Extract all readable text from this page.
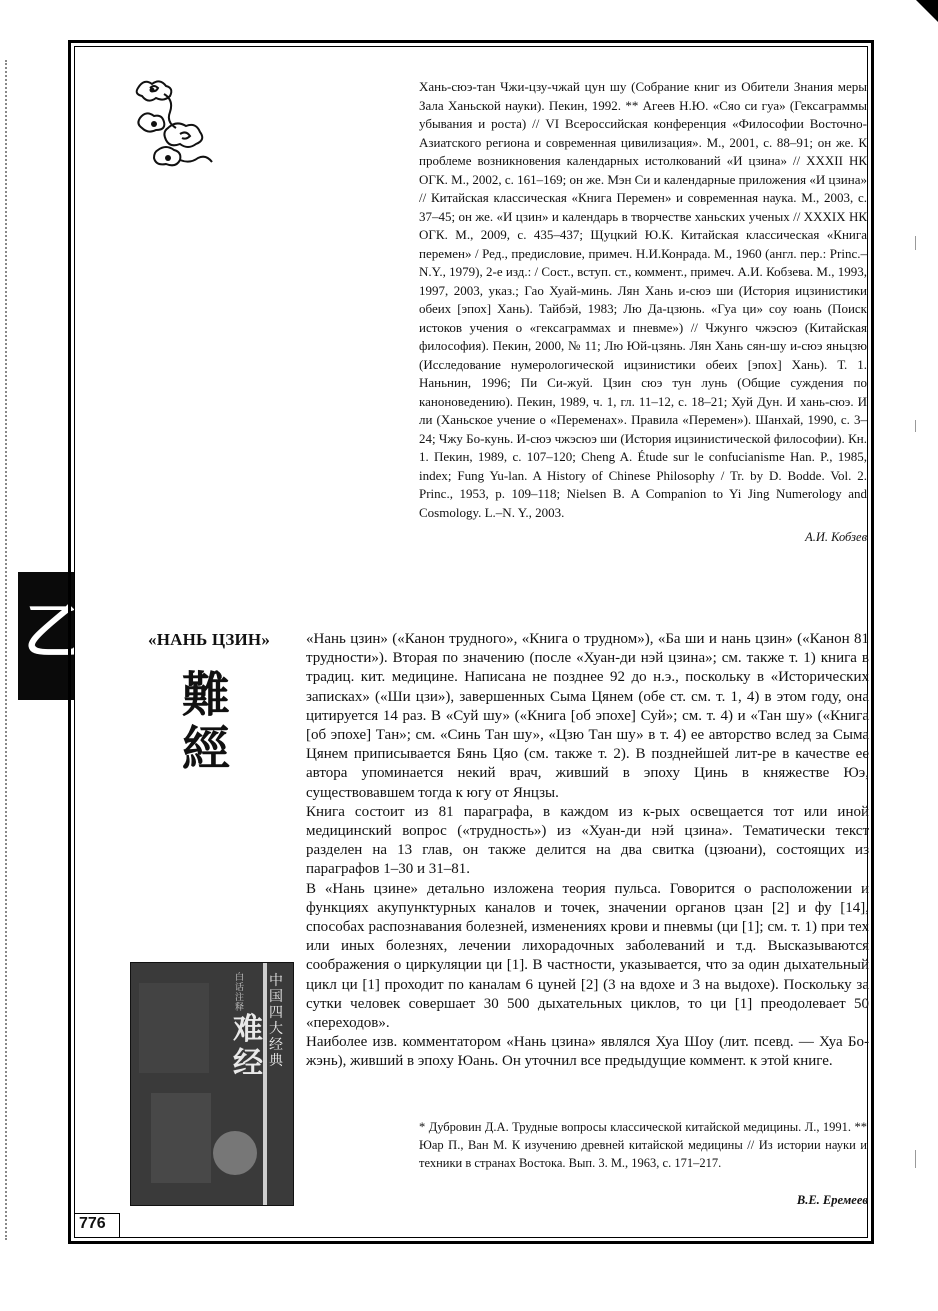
乙

Хань-сюэ-тан Чжи-цзу-чжай цун шу (Собрание книг из Обители Знания меры Зала Ханьской науки). Пекин, 1992. ** Агеев Н.Ю. «Сяо си гуа» (Гексаграммы убывания и роста) // VI Всероссийская конференция «Философии Восточно-Азиатского региона и современная цивилизация». М., 2001, с. 88–91; он же. К проблеме возникновения календарных истолкований «И цзина» // XXXII НК ОГК. М., 2002, с. 161–169; он же. Мэн Си и календарные приложения «И цзина» // Китайская классическая «Книга Перемен» и современная наука. М., 2003, с. 37–45; он же. «И цзин» и календарь в творчестве ханьских ученых // XXXIX НК ОГК. М., 2009, с. 435–437; Щуцкий Ю.К. Китайская классическая «Книга перемен» / Ред., предисловие, примеч. Н.И.Конрада. М., 1960 (англ. пер.: Princ.–N.Y., 1979), 2-е изд.: / Сост., вступ. ст., коммент., примеч. А.И. Кобзева. М., 1993, 1997, 2003, указ.; Гао Хуай-минь. Лян Хань и-сюэ ши (История ицзинистики обеих [эпох] Хань). Тайбэй, 1983; Лю Да-цзюнь. «Гуа ци» соу юань (Поиск истоков учения о «гексаграммах и пневме») // Чжунго чжэсюэ (Китайская философия). Пекин, 2000, № 11; Лю Юй-цзянь. Лян Хань сян-шу и-сюэ яньцзю (Исследование нумерологической ицзинистики обеих [эпох] Хань). Т. 1. Наньнин, 1996; Пи Си-жуй. Цзин сюэ тун лунь (Общие суждения по каноноведению). Пекин, 1989, ч. 1, гл. 11–12, с. 18–21; Хуй Дун. И хань-сюэ. И ли (Ханьское учение о «Переменах». Правила «Перемен»). Шанхай, 1990, с. 3–24; Чжу Бо-кунь. И-сюэ чжэсюэ ши (История ицзинистической философии). Кн. 1. Пекин, 1989, с. 107–120; Cheng A. Étude sur le confucianisme Han. P., 1985, index; Fung Yu-lan. A History of Chinese Philosophy / Tr. by D. Bodde. Vol. 2. Princ., 1953, p. 109–118; Nielsen B. A Companion to Yi Jing Numerology and Cosmology. L.–N. Y., 2003.

А.И. Кобзев

«НАНЬ ЦЗИН»
難
經
白话注释
难经
中国四大经典

«Нань цзин» («Канон трудного», «Книга о трудном»), «Ба ши и нань цзин» («Канон 81 трудности»). Вторая по значению (после «Хуан-ди нэй цзина»; см. также т. 1) книга в традиц. кит. медицине. Написана не позднее 92 до н.э., поскольку в «Исторических записках» («Ши цзи»), завершенных Сыма Цянем (обе ст. см. т. 1, 4) в этом году, она цитируется 14 раз. В «Суй шу» («Книга [об эпохе] Суй»; см. т. 4) и «Тан шу» («Книга [об эпохе] Тан»; см. «Синь Тан шу», «Цзю Тан шу» в т. 4) ее авторство вслед за Сыма Цянем приписывается Бянь Цяо (см. также т. 2). В позднейшей лит-ре в качестве ее автора упоминается некий врач, живший в эпоху Цинь в княжестве Юэ, существовавшем тогда к югу от Янцзы.

Книга состоит из 81 параграфа, в каждом из к-рых освещается тот или иной медицинский вопрос («трудность») из «Хуан-ди нэй цзина». Тематически текст разделен на 13 глав, он также делится на два свитка (цзюани), состоящих из параграфов 1–30 и 31–81.

В «Нань цзине» детально изложена теория пульса. Говорится о расположении и функциях акупунктурных каналов и точек, значении органов цзан [2] и фу [14], способах распознавания болезней, изменениях крови и пневмы (ци [1]; см. т. 1) при тех или иных болезнях, лечении лихорадочных заболеваний и т.д. Высказываются соображения о циркуляции ци [1]. В частности, указывается, что за один дыхательный цикл ци [1] проходит по каналам 6 цуней [2] (3 на вдохе и 3 на выдохе). Поскольку за сутки человек совершает 30 500 дыхательных циклов, то ци [1] преодолевает 50 «переходов».

Наиболее изв. комментатором «Нань цзина» являлся Хуа Шоу (лит. псевд. — Хуа Бо-жэнь), живший в эпоху Юань. Он уточнил все предыдущие коммент. к этой книге.

* Дубровин Д.А. Трудные вопросы классической китайской медицины. Л., 1991. ** Юар П., Ван М. К изучению древней китайской медицины // Из истории науки и техники в странах Востока. Вып. 3. М., 1963, с. 171–217.

В.Е. Еремеев
776
